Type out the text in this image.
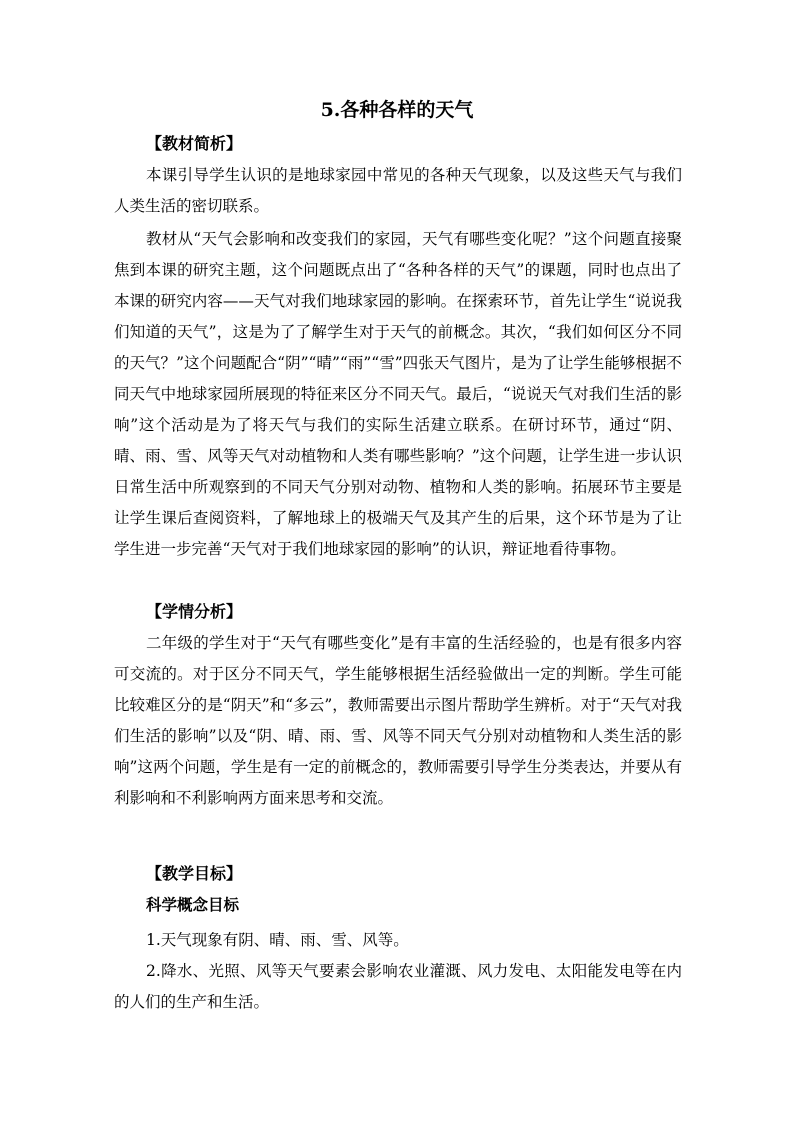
5.各种各样的天气
【教材简析】

本课引导学生认识的是地球家园中常见的各种天气现象，以及这些天气与我们人类生活的密切联系。

教材从“天气会影响和改变我们的家园，天气有哪些变化呢？”这个问题直接聚焦到本课的研究主题，这个问题既点出了“各种各样的天气”的课题，同时也点出了本课的研究内容——天气对我们地球家园的影响。在探索环节，首先让学生“说说我们知道的天气”，这是为了了解学生对于天气的前概念。其次，“我们如何区分不同的天气？”这个问题配合“阴”“晴”“雨”“雪”四张天气图片，是为了让学生能够根据不同天气中地球家园所展现的特征来区分不同天气。最后，“说说天气对我们生活的影响”这个活动是为了将天气与我们的实际生活建立联系。在研讨环节，通过“阴、晴、雨、雪、风等天气对动植物和人类有哪些影响？”这个问题，让学生进一步认识日常生活中所观察到的不同天气分别对动物、植物和人类的影响。拓展环节主要是让学生课后查阅资料，了解地球上的极端天气及其产生的后果，这个环节是为了让学生进一步完善“天气对于我们地球家园的影响”的认识，辩证地看待事物。

【学情分析】

二年级的学生对于“天气有哪些变化”是有丰富的生活经验的，也是有很多内容可交流的。对于区分不同天气，学生能够根据生活经验做出一定的判断。学生可能比较难区分的是“阴天”和“多云”，教师需要出示图片帮助学生辨析。对于“天气对我们生活的影响”以及“阴、晴、雨、雪、风等不同天气分别对动植物和人类生活的影响”这两个问题，学生是有一定的前概念的，教师需要引导学生分类表达，并要从有利影响和不利影响两方面来思考和交流。

【教学目标】
科学概念目标

1.天气现象有阴、晴、雨、雪、风等。

2.降水、光照、风等天气要素会影响农业灌溉、风力发电、太阳能发电等在内的人们的生产和生活。
